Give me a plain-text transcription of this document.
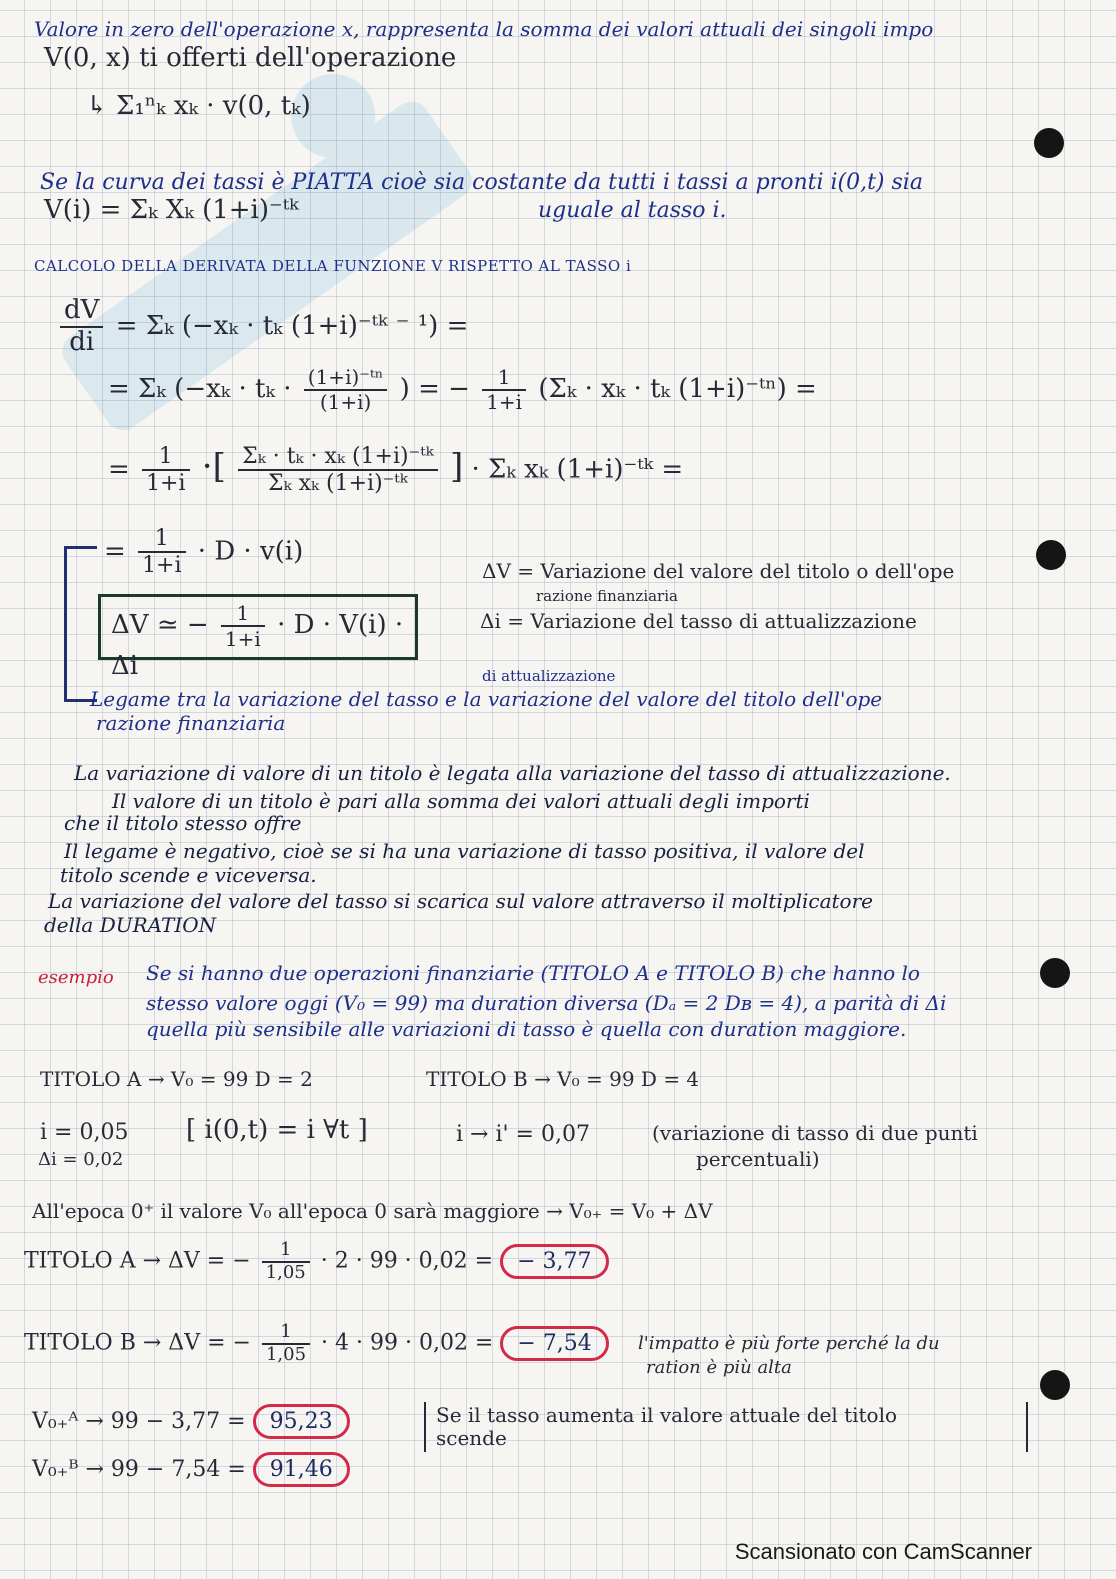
Valore in zero dell'operazione x, rappresenta la somma dei valori attuali dei singoli impo
V(0, x) ti offerti dell'operazione
↳ Σ₁ⁿₖ xₖ · v(0, tₖ)
Se la curva dei tassi è PIATTA cioè sia costante da tutti i tassi a pronti i(0,t) sia
V(i) = Σₖ Xₖ (1+i)⁻ᵗᵏ	uguale al tasso i.
CALCOLO DELLA DERIVATA DELLA FUNZIONE V RISPETTO AL TASSO i
$\frac{dV}{di} = \Sigma_k$ (−xₖ · tₖ (1+i)⁻ᵗᵏ ⁻ ¹) =
= Σₖ ($-x_k \cdot t_k \cdot \frac{\text{(1+i)⁻ᵗⁿ}}{(1+i)}$ ) = − $\frac{1}{1+i} (\Sigma_k \cdot x_k \cdot t_k$ (1+i)⁻ᵗⁿ) =
= $\frac{1}{1+i}$ ·[ $\frac{\text{Σₖ · tₖ · xₖ (1+i)⁻ᵗᵏ}}{\text{Σₖ xₖ (1+i)⁻ᵗᵏ}}$ ] · Σₖ xₖ (1+i)⁻ᵗᵏ =
= $\frac{1}{1+i} \cdot D \cdot v(i)$
ΔV ≃ − $\frac{1}{1+i} \cdot D \cdot V(i) \cdot \Delta i$
ΔV = Variazione del valore del titolo o dell'ope
razione finanziaria
Δi = Variazione del tasso di attualizzazione
di attualizzazione
Legame tra la variazione del tasso e la variazione del valore del titolo dell'ope
razione finanziaria
La variazione di valore di un titolo è legata alla variazione del tasso di attualizzazione.
Il valore di un titolo è pari alla somma dei valori attuali degli importi
che il titolo stesso offre
Il legame è negativo, cioè se si ha una variazione di tasso positiva, il valore del
titolo scende e viceversa.
La variazione del valore del tasso si scarica sul valore attraverso il moltiplicatore
della DURATION
esempio Se si hanno due operazioni finanziarie (TITOLO A e TITOLO B) che hanno lo
stesso valore oggi (V₀ = 99) ma duration diversa (Dₐ = 2 Dʙ = 4), a parità di Δi
quella più sensibile alle variazioni di tasso è quella con duration maggiore.
TITOLO A → V₀ = 99 D = 2	TITOLO B → V₀ = 99 D = 4
i = 0,05
Δi = 0,02
[ i(0,t) = i ∀t ]	i → i' = 0,07	(variazione di tasso di due punti
percentuali)
All'epoca 0⁺ il valore V₀ all'epoca 0 sarà maggiore → V₀₊ = V₀ + ΔV
TITOLO A → ΔV = − $\frac{1}{1,05} \cdot 2 \cdot 99 \cdot 0,02$ = − 3,77
TITOLO B → ΔV = − $\frac{1}{1,05} \cdot 4 \cdot 99 \cdot 0,02$ = − 7,54	l'impatto è più forte perché la du
ration è più alta
V₀₊ᴬ → 99 − 3,77 = 95,23
V₀₊ᴮ → 99 − 7,54 = 91,46
Se il tasso aumenta il valore attuale del titolo
scende
Scansionato con CamScanner
